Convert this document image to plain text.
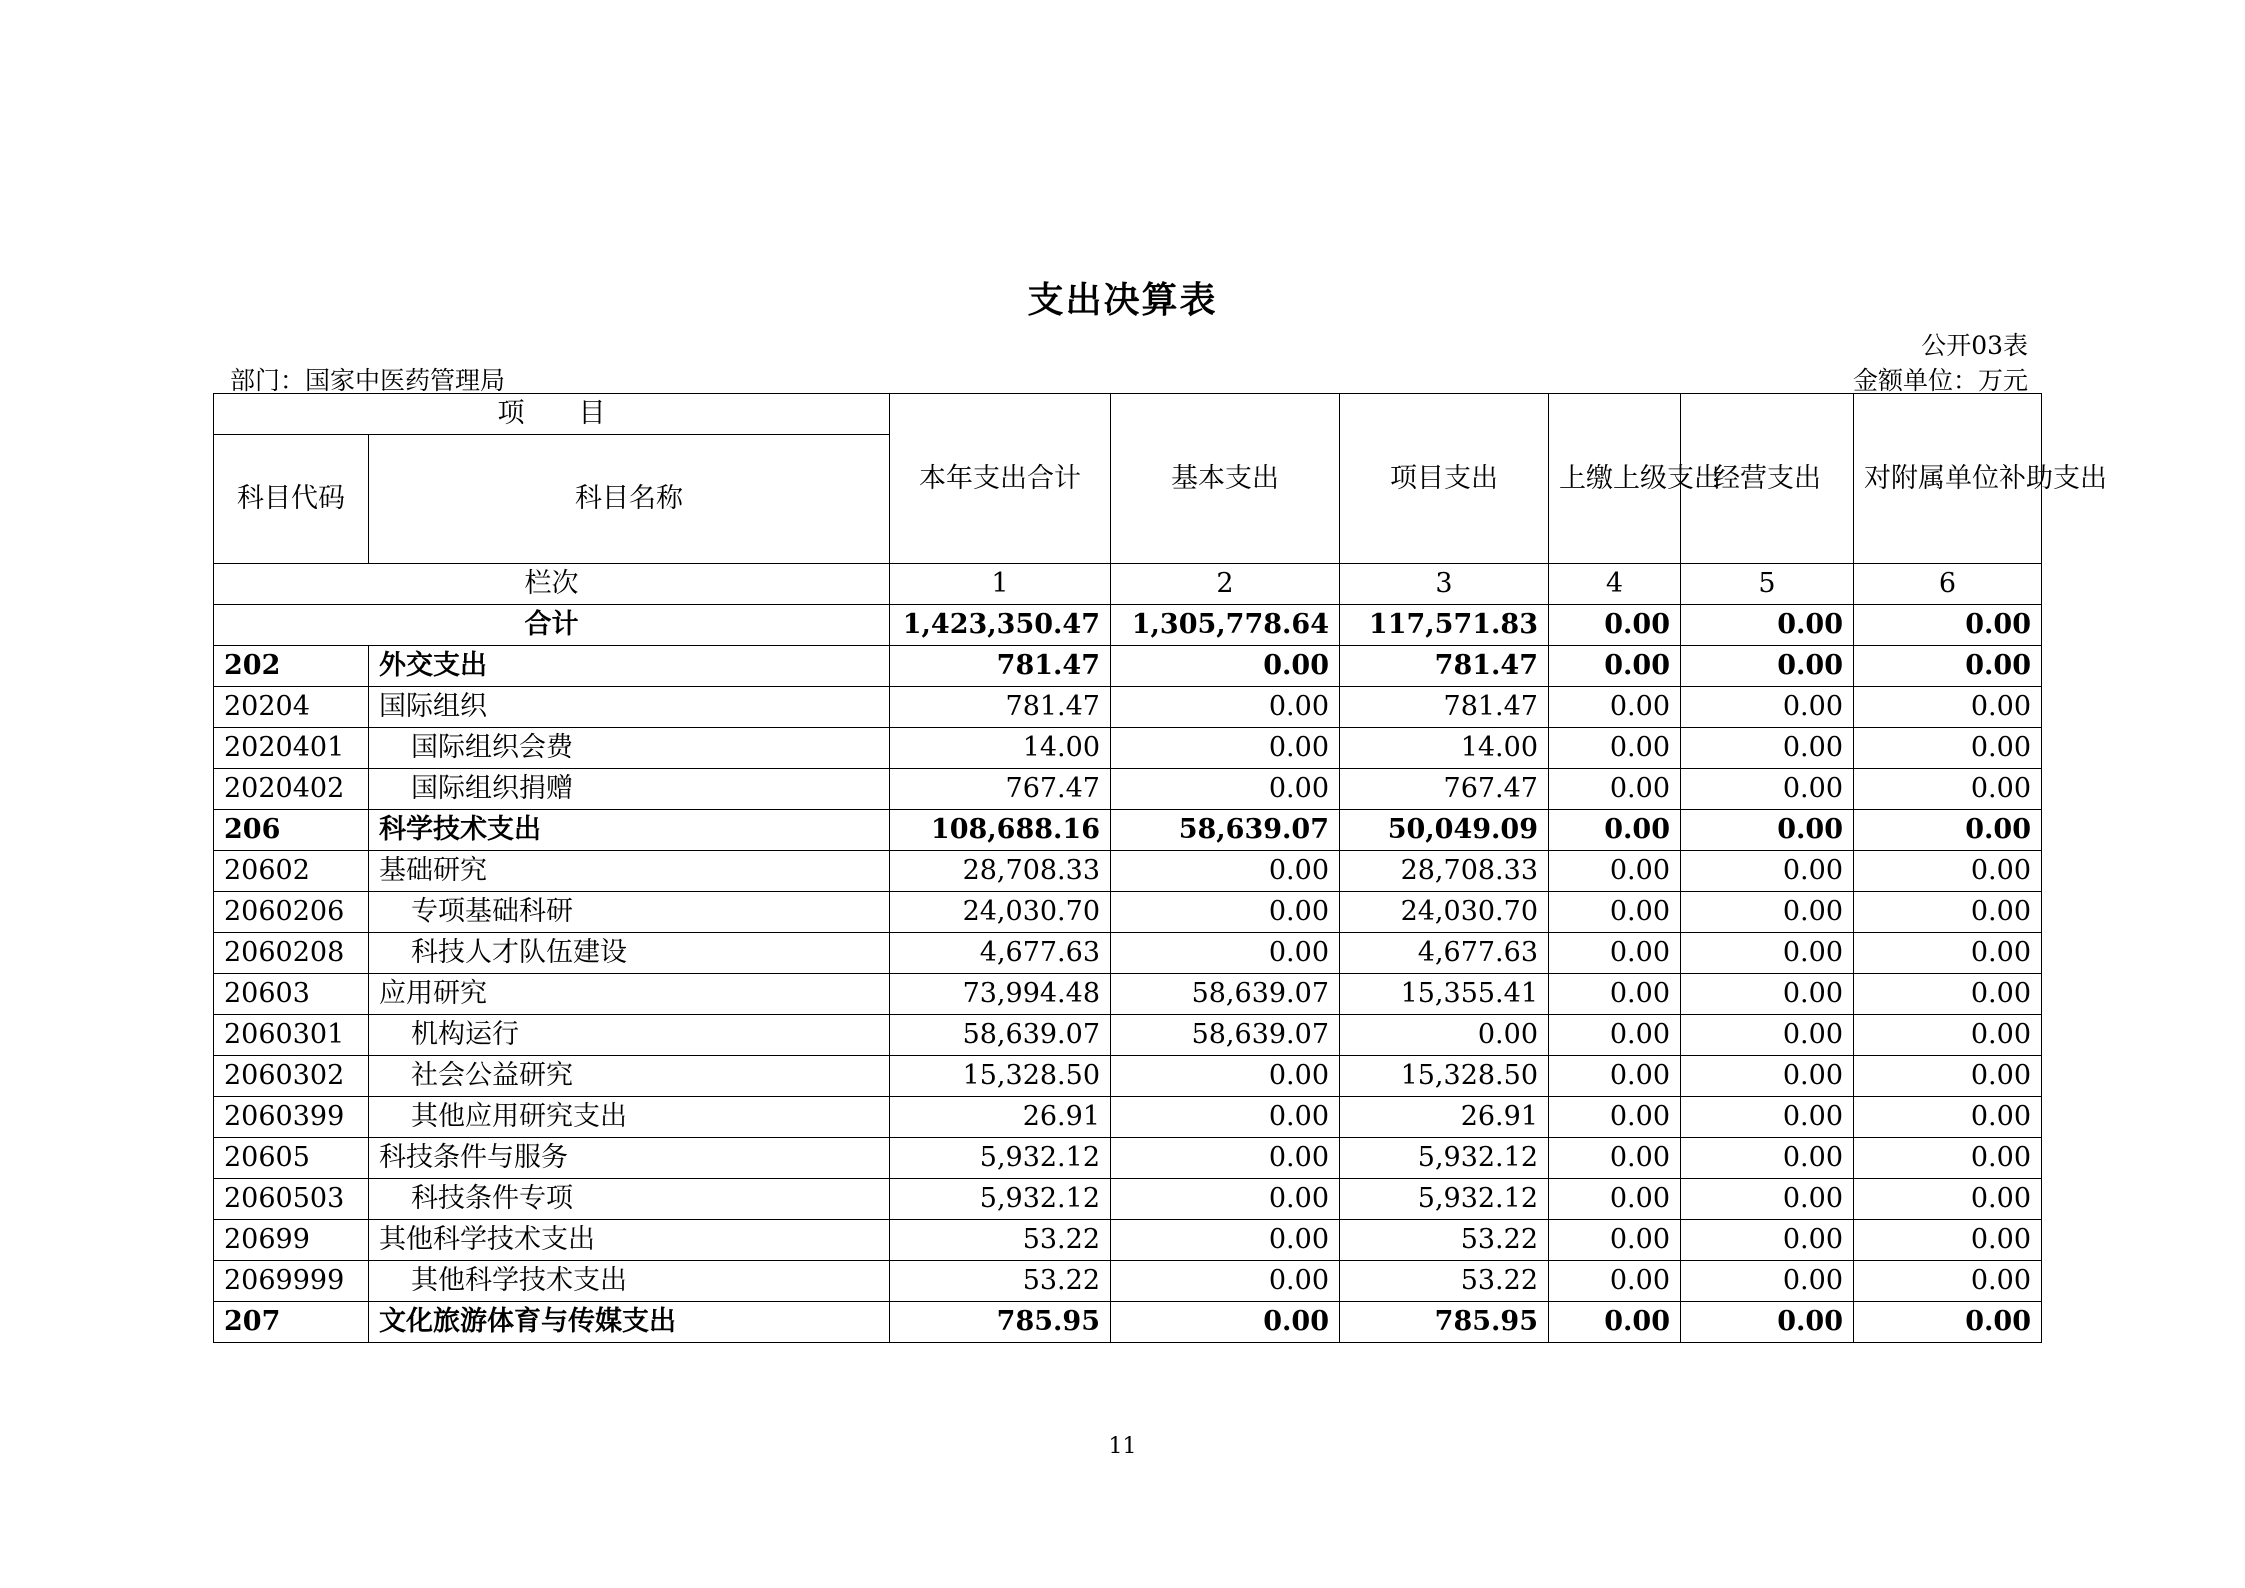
支出决算表
公开03表
部门：国家中医药管理局	金额单位：万元
项　　目		本年支出合计	基本支出	项目支出	上缴上级支出	经营支出	对附属单位补助支出
科目代码	科目名称						
栏次		1	2	3	4	5	6
合计		1,423,350.47	1,305,778.64	117,571.83	0.00	0.00	0.00
202	外交支出	781.47	0.00	781.47	0.00	0.00	0.00
20204	国际组织	781.47	0.00	781.47	0.00	0.00	0.00
2020401	国际组织会费	14.00	0.00	14.00	0.00	0.00	0.00
2020402	国际组织捐赠	767.47	0.00	767.47	0.00	0.00	0.00
206	科学技术支出	108,688.16	58,639.07	50,049.09	0.00	0.00	0.00
20602	基础研究	28,708.33	0.00	28,708.33	0.00	0.00	0.00
2060206	专项基础科研	24,030.70	0.00	24,030.70	0.00	0.00	0.00
2060208	科技人才队伍建设	4,677.63	0.00	4,677.63	0.00	0.00	0.00
20603	应用研究	73,994.48	58,639.07	15,355.41	0.00	0.00	0.00
2060301	机构运行	58,639.07	58,639.07	0.00	0.00	0.00	0.00
2060302	社会公益研究	15,328.50	0.00	15,328.50	0.00	0.00	0.00
2060399	其他应用研究支出	26.91	0.00	26.91	0.00	0.00	0.00
20605	科技条件与服务	5,932.12	0.00	5,932.12	0.00	0.00	0.00
2060503	科技条件专项	5,932.12	0.00	5,932.12	0.00	0.00	0.00
20699	其他科学技术支出	53.22	0.00	53.22	0.00	0.00	0.00
2069999	其他科学技术支出	53.22	0.00	53.22	0.00	0.00	0.00
207	文化旅游体育与传媒支出	785.95	0.00	785.95	0.00	0.00	0.00
11
